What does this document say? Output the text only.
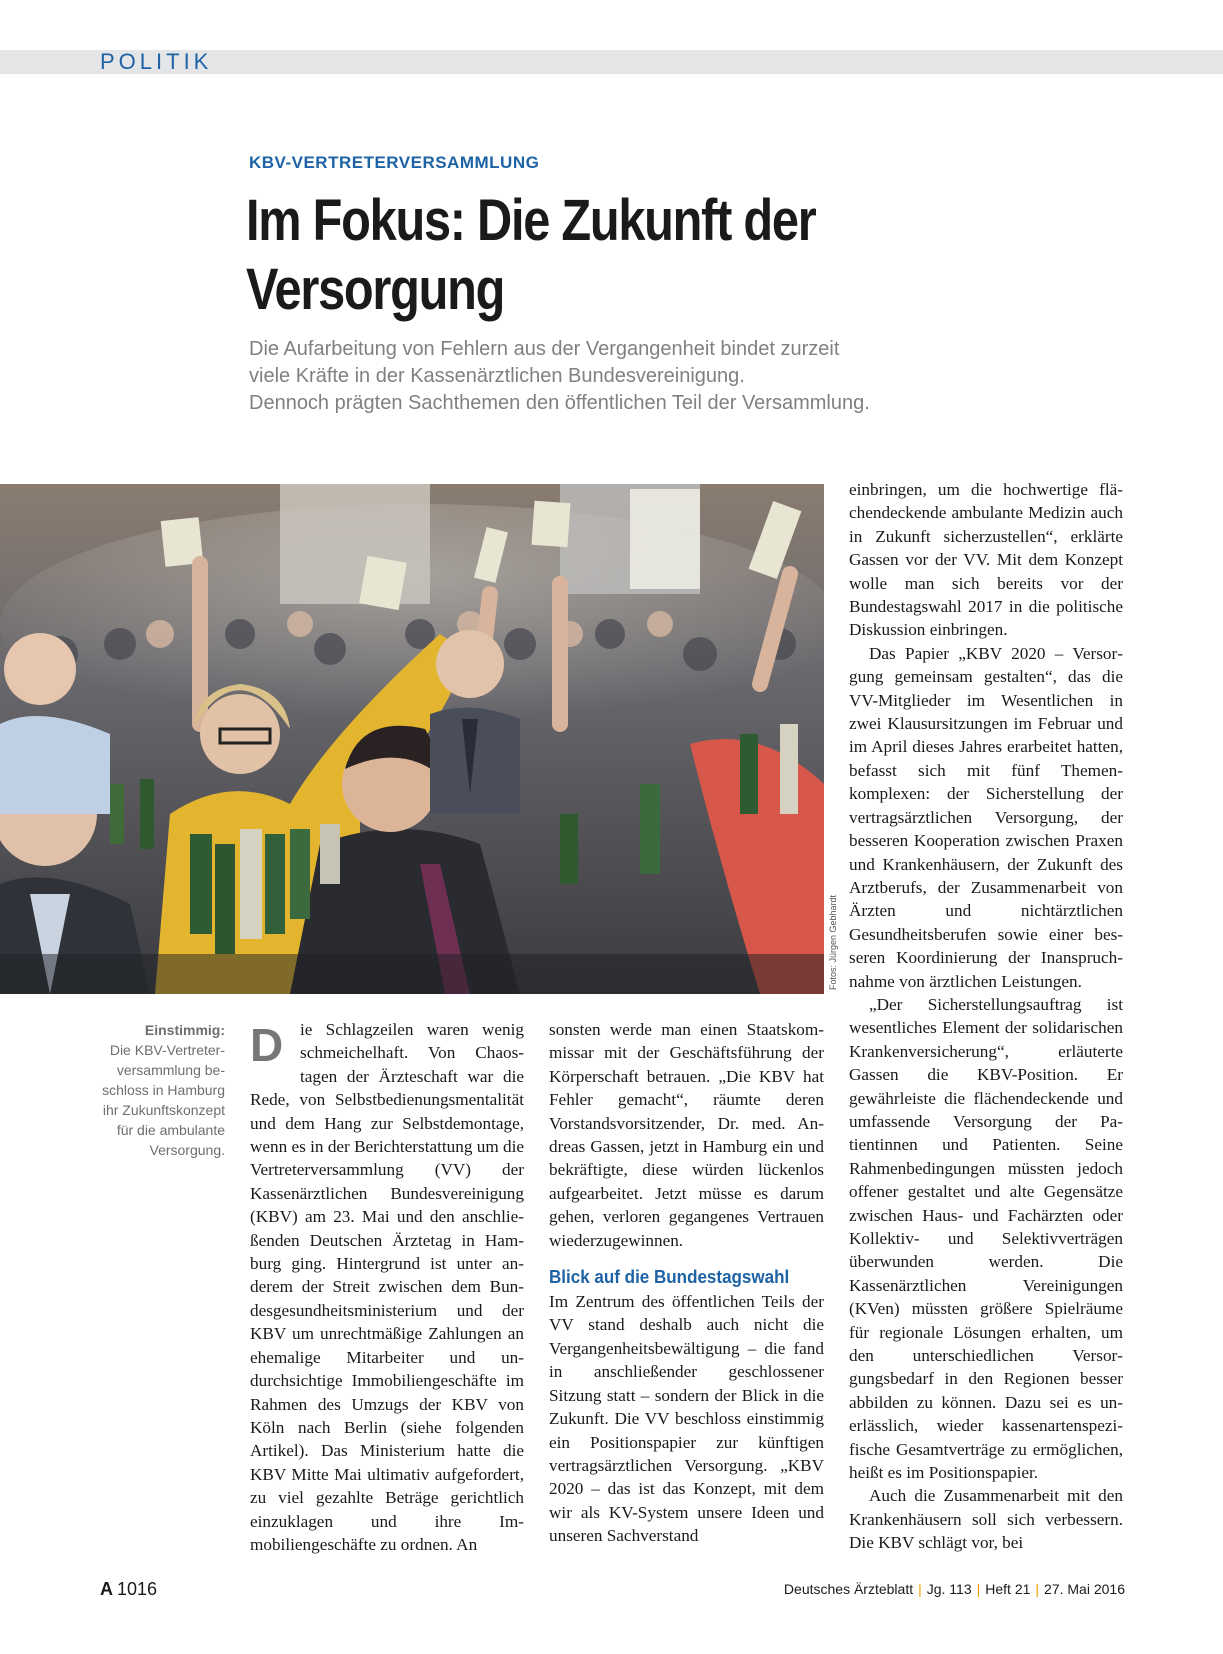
POLITIK
KBV-VERTRETERVERSAMMLUNG
Im Fokus: Die Zukunft der
Versorgung
Die Aufarbeitung von Fehlern aus der Vergangenheit bindet zurzeit
viele Kräfte in der Kassenärztlichen Bundesvereinigung.
Dennoch prägten Sachthemen den öffentlichen Teil der Versammlung.
Fotos: Jürgen Gebhardt
Einstimmig:
Die KBV-Vertreterversammlung beschloss in Hamburg ihr Zukunftskonzept für die ambulante Versorgung.

Die Schlagzeilen waren wenig schmeichelhaft. Von Chaostagen der Ärzteschaft war die Rede, von Selbstbedienungsmentalität und dem Hang zur Selbstdemontage, wenn es in der Berichterstattung um die Vertreterversammlung (VV) der Kassenärztlichen Bundesvereinigung (KBV) am 23. Mai und den anschließenden Deutschen Ärztetag in Hamburg ging. Hintergrund ist unter anderem der Streit zwischen dem Bundesgesundheitsministerium und der KBV um unrechtmäßige Zahlungen an ehemalige Mitarbeiter und undurchsichtige Immobiliengeschäfte im Rahmen des Umzugs der KBV von Köln nach Berlin (siehe folgenden Artikel). Das Ministerium hatte die KBV Mitte Mai ultimativ aufgefordert, zu viel gezahlte Beträge gerichtlich einzuklagen und ihre Immobiliengeschäfte zu ordnen. An

sonsten werde man einen Staatskommissar mit der Geschäftsführung der Körperschaft betrauen. „Die KBV hat Fehler gemacht“, räumte deren Vorstandsvorsitzender, Dr. med. Andreas Gassen, jetzt in Hamburg ein und bekräftigte, diese würden lückenlos aufgearbeitet. Jetzt müsse es darum gehen, verloren gegangenes Vertrauen wiederzugewinnen.

Blick auf die Bundestagswahl

Im Zentrum des öffentlichen Teils der VV stand deshalb auch nicht die Vergangenheitsbewältigung – die fand in anschließender geschlossener Sitzung statt – sondern der Blick in die Zukunft. Die VV beschloss einstimmig ein Positionspapier zur künftigen vertragsärztlichen Versorgung. „KBV 2020 – das ist das Konzept, mit dem wir als KV-System unsere Ideen und unseren Sachverstand

einbringen, um die hochwertige flächendeckende ambulante Medizin auch in Zukunft sicherzustellen“, erklärte Gassen vor der VV. Mit dem Konzept wolle man sich bereits vor der Bundestagswahl 2017 in die politische Diskussion einbringen.

Das Papier „KBV 2020 – Versorgung gemeinsam gestalten“, das die VV-Mitglieder im Wesentlichen in zwei Klausursitzungen im Februar und im April dieses Jahres erarbeitet hatten, befasst sich mit fünf Themenkomplexen: der Sicherstellung der vertragsärztlichen Versorgung, der besseren Kooperation zwischen Praxen und Krankenhäusern, der Zukunft des Arztberufs, der Zusammenarbeit von Ärzten und nichtärztlichen Gesundheitsberufen sowie einer besseren Koordinierung der Inanspruchnahme von ärztlichen Leistungen.

„Der Sicherstellungsauftrag ist wesentliches Element der solidarischen Krankenversicherung“, erläuterte Gassen die KBV-Position. Er gewährleiste die flächendeckende und umfassende Versorgung der Patientinnen und Patienten. Seine Rahmenbedingungen müssten jedoch offener gestaltet und alte Gegensätze zwischen Haus- und Fachärzten oder Kollektiv- und Selektivverträgen überwunden werden. Die Kassenärztlichen Vereinigungen (KVen) müssten größere Spielräume für regionale Lösungen erhalten, um den unterschiedlichen Versorgungsbedarf in den Regionen besser abbilden zu können. Dazu sei es unerlässlich, wieder kassenartenspezifische Gesamtverträge zu ermöglichen, heißt es im Positionspapier.

Auch die Zusammenarbeit mit den Krankenhäusern soll sich verbessern. Die KBV schlägt vor, bei

A 1016	Deutsches Ärzteblatt | Jg. 113 | Heft 21 | 27. Mai 2016
